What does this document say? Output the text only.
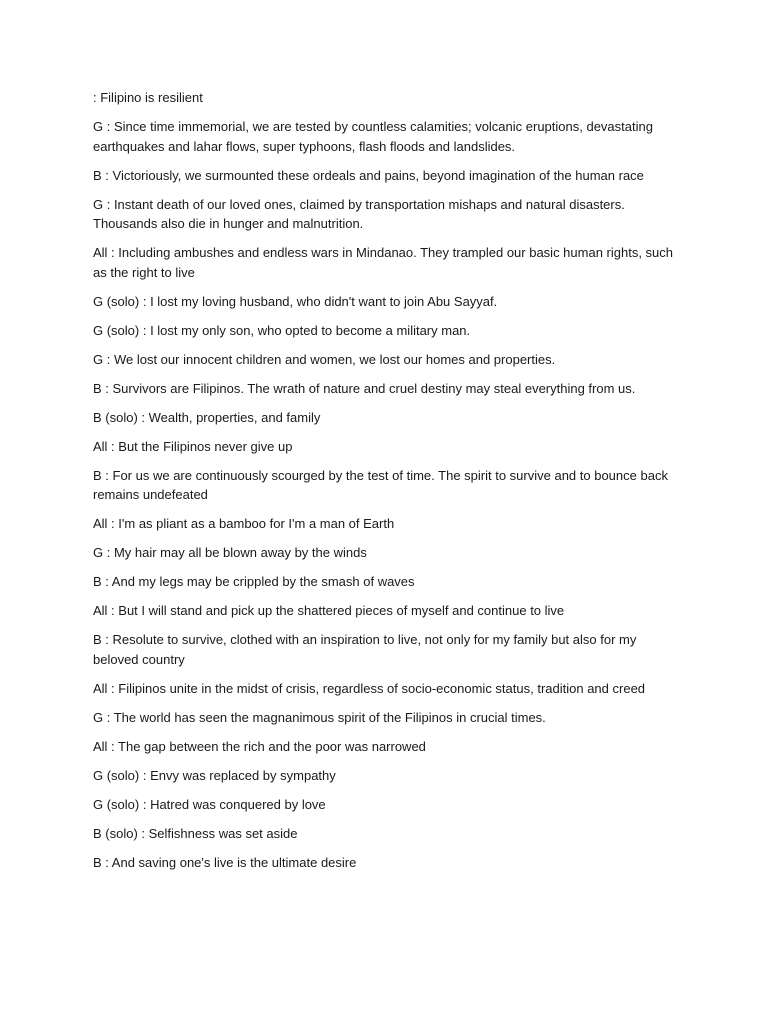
: Filipino is resilient

G : Since time immemorial, we are tested by countless calamities; volcanic eruptions, devastating earthquakes and lahar flows, super typhoons, flash floods and landslides.

B : Victoriously, we surmounted these ordeals and pains, beyond imagination of the human race

G : Instant death of our loved ones, claimed by transportation mishaps and natural disasters. Thousands also die in hunger and malnutrition.

All : Including ambushes and endless wars in Mindanao. They trampled our basic human rights, such as the right to live

G (solo) : I lost my loving husband, who didn't want to join Abu Sayyaf.

G (solo) : I lost my only son, who opted to become a military man.

G : We lost our innocent children and women, we lost our homes and properties.

B : Survivors are Filipinos. The wrath of nature and cruel destiny may steal everything from us.

B (solo) : Wealth, properties, and family

All : But the Filipinos never give up

B : For us we are continuously scourged by the test of time. The spirit to survive and to bounce back remains undefeated

All : I'm as pliant as a bamboo for I'm a man of Earth

G : My hair may all be blown away by the winds

B : And my legs may be crippled by the smash of waves

All : But I will stand and pick up the shattered pieces of myself and continue to live

B : Resolute to survive, clothed with an inspiration to live, not only for my family but also for my beloved country

All : Filipinos unite in the midst of crisis, regardless of socio-economic status, tradition and creed

G : The world has seen the magnanimous spirit of the Filipinos in crucial times.

All : The gap between the rich and the poor was narrowed

G (solo) : Envy was replaced by sympathy

G (solo) : Hatred was conquered by love

B (solo) : Selfishness was set aside

B : And saving one's live is the ultimate desire
